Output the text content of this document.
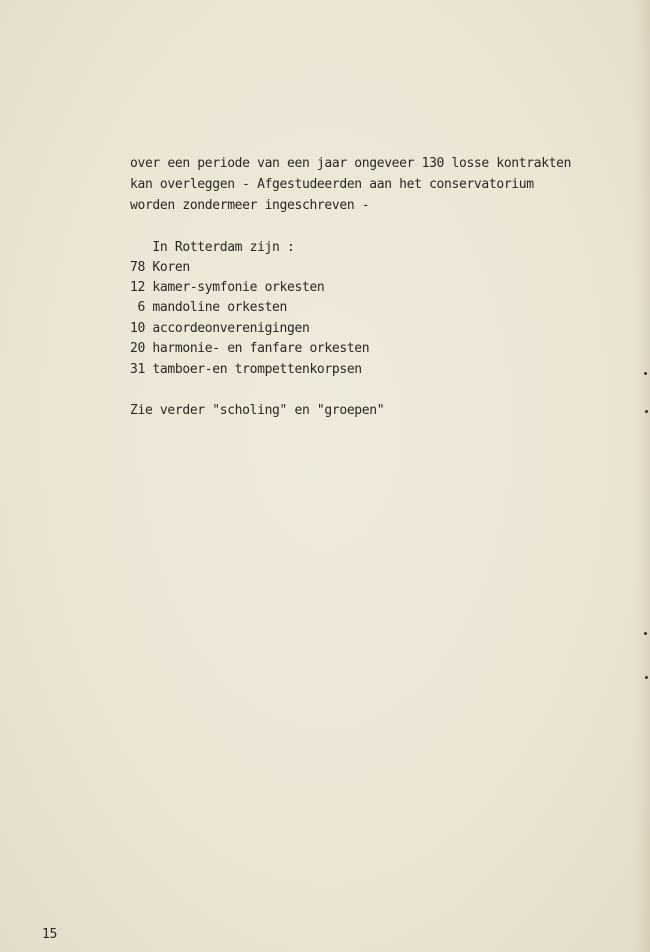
over een periode van een jaar ongeveer 130 losse kontrakten
kan overleggen - Afgestudeerden aan het conservatorium
worden zondermeer ingeschreven -
In Rotterdam zijn :
78 Koren
12 kamer-symfonie orkesten
6 mandoline orkesten
10 accordeonverenigingen
20 harmonie- en fanfare orkesten
31 tamboer-en trompettenkorpsen
Zie verder "scholing" en "groepen"
15
